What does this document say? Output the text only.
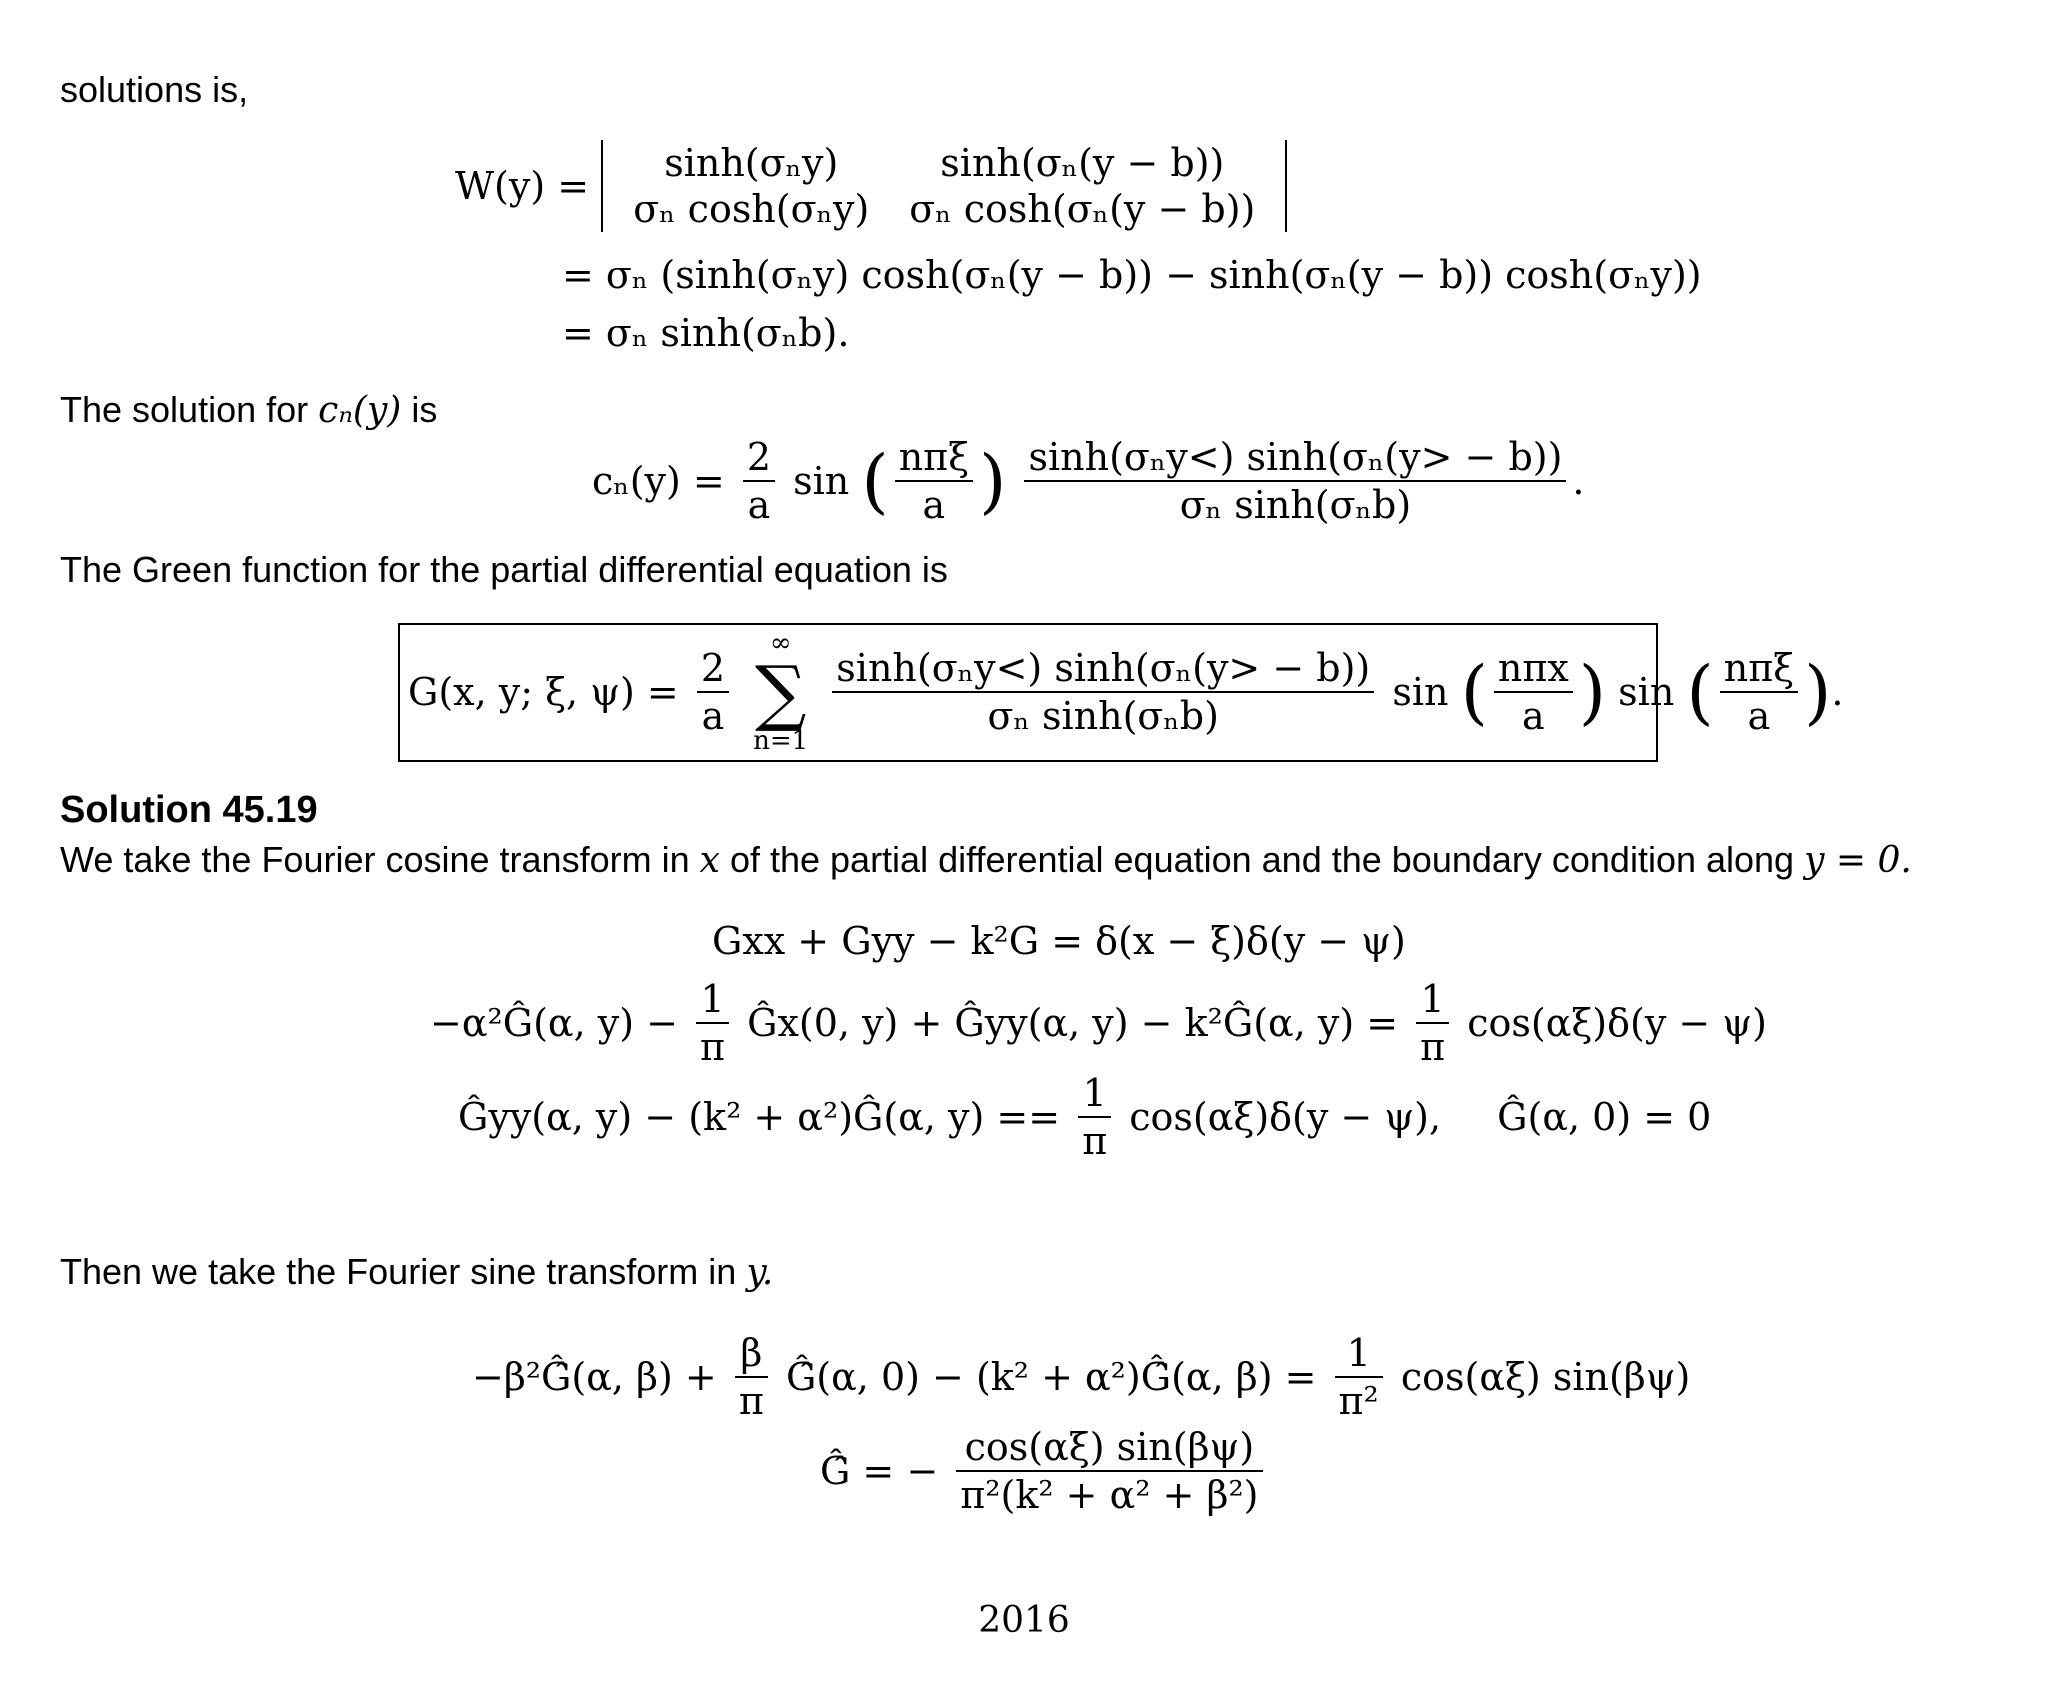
solutions is,
W(y) =
sinh(σₙy)	sinh(σₙ(y − b))
σₙ cosh(σₙy)	σₙ cosh(σₙ(y − b))
= σₙ (sinh(σₙy) cosh(σₙ(y − b)) − sinh(σₙ(y − b)) cosh(σₙy))
= σₙ sinh(σₙb).
The solution for cₙ(y) is
$c_n(y) = \frac{2}{a}$ sin ( $\frac{\text{nπξ}}{a}$ ) $\frac{\text{sinh(σₙy<) sinh(σₙ(y> − b))}}{\text{σₙ sinh(σₙb)}}$ .
The Green function for the partial differential equation is
G(x, y; ξ, $\psi) = \frac{2}{a}$

∞
∑
n=1

$\frac{\text{sinh(σₙy<) sinh(σₙ(y> − b))}}{\text{σₙ sinh(σₙb)}}$ sin ( $\frac{\text{nπx}}{a}$ ) sin ( $\frac{\text{nπξ}}{a}$ ).
Solution 45.19
We take the Fourier cosine transform in x of the partial differential equation and the boundary condition along y = 0.
Gxx + Gyy − k²G = δ(x − ξ)δ(y − ψ)
−α²Ĝ(α, $y) - \frac{1}{\pi}$ Ĝx(0, y) + Ĝyy(α, y) − k²Ĝ(α, $y) = \frac{1}{\pi} \cos(\alpha\xi)\delta(y - \psi)$
Ĝyy(α, y) − (k² + α²)Ĝ(α, $y) == \frac{1}{\pi} \cos(\alpha\xi)\delta(y - \psi)$, Ĝ(α, 0) = 0
Then we take the Fourier sine transform in y.
−β²Ĝ̂(α, $\beta) + \frac{\beta}{\pi}$ Ĝ̂(α, 0) − (k² + α²)Ĝ̂(α, $\beta) = \frac{1}{\text{π²}} \cos(\alpha\xi)$ sin(βψ)
Ĝ̂ = − $\frac{\cos(\alpha\xi) \sin(\beta\psi)}{\text{π²(k² + α² + β²)}}$
2016
